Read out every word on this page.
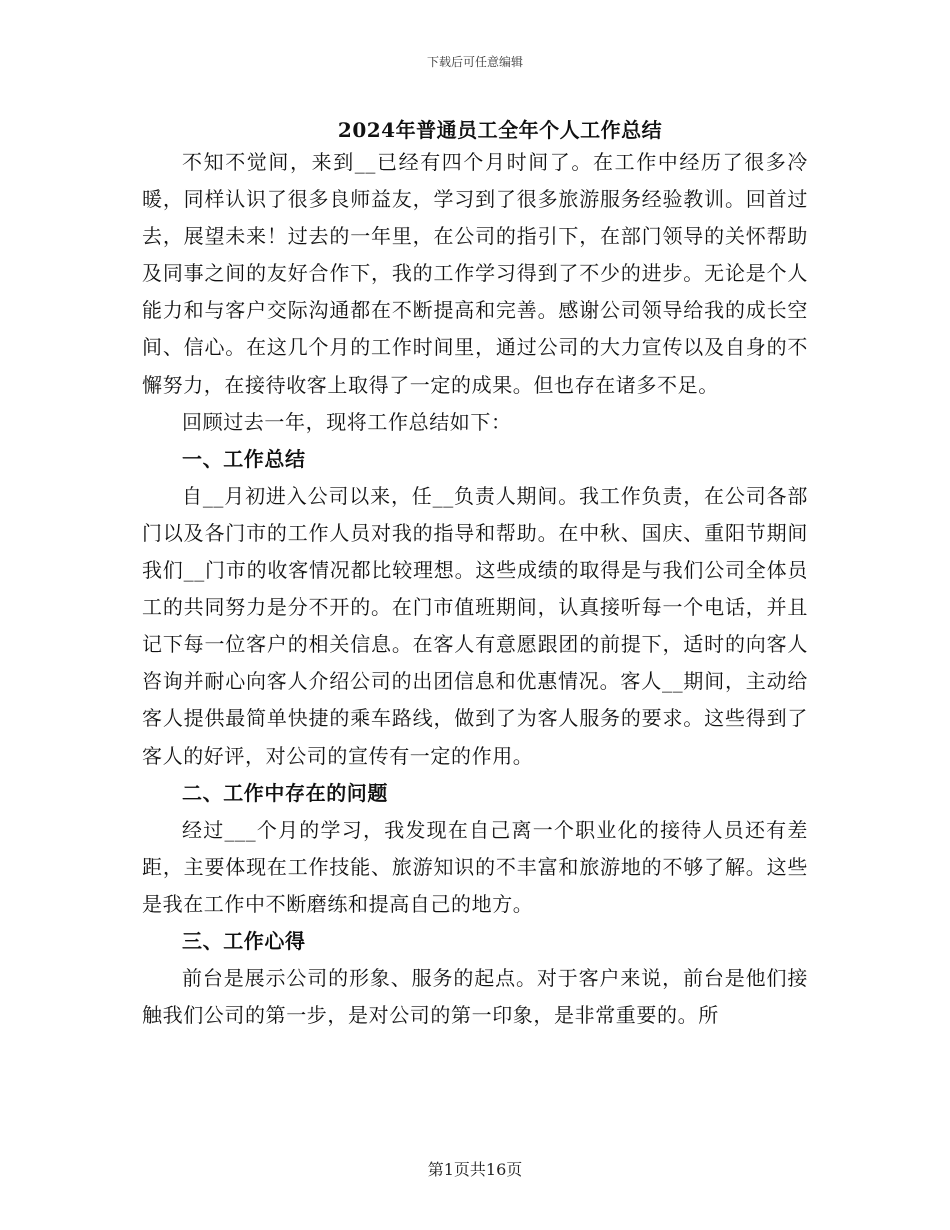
下载后可任意编辑
2024年普通员工全年个人工作总结

不知不觉间，来到__已经有四个月时间了。在工作中经历了很多冷暖，同样认识了很多良师益友，学习到了很多旅游服务经验教训。回首过去，展望未来！过去的一年里，在公司的指引下，在部门领导的关怀帮助及同事之间的友好合作下，我的工作学习得到了不少的进步。无论是个人能力和与客户交际沟通都在不断提高和完善。感谢公司领导给我的成长空间、信心。在这几个月的工作时间里，通过公司的大力宣传以及自身的不懈努力，在接待收客上取得了一定的成果。但也存在诸多不足。

回顾过去一年，现将工作总结如下：

一、工作总结

自__月初进入公司以来，任__负责人期间。我工作负责，在公司各部门以及各门市的工作人员对我的指导和帮助。在中秋、国庆、重阳节期间我们__门市的收客情况都比较理想。这些成绩的取得是与我们公司全体员工的共同努力是分不开的。在门市值班期间，认真接听每一个电话，并且记下每一位客户的相关信息。在客人有意愿跟团的前提下，适时的向客人咨询并耐心向客人介绍公司的出团信息和优惠情况。客人__期间，主动给客人提供最简单快捷的乘车路线，做到了为客人服务的要求。这些得到了客人的好评，对公司的宣传有一定的作用。

二、工作中存在的问题

经过___个月的学习，我发现在自己离一个职业化的接待人员还有差距，主要体现在工作技能、旅游知识的不丰富和旅游地的不够了解。这些是我在工作中不断磨练和提高自己的地方。

三、工作心得

前台是展示公司的形象、服务的起点。对于客户来说，前台是他们接触我们公司的第一步，是对公司的第一印象，是非常重要的。所

第1页共16页
